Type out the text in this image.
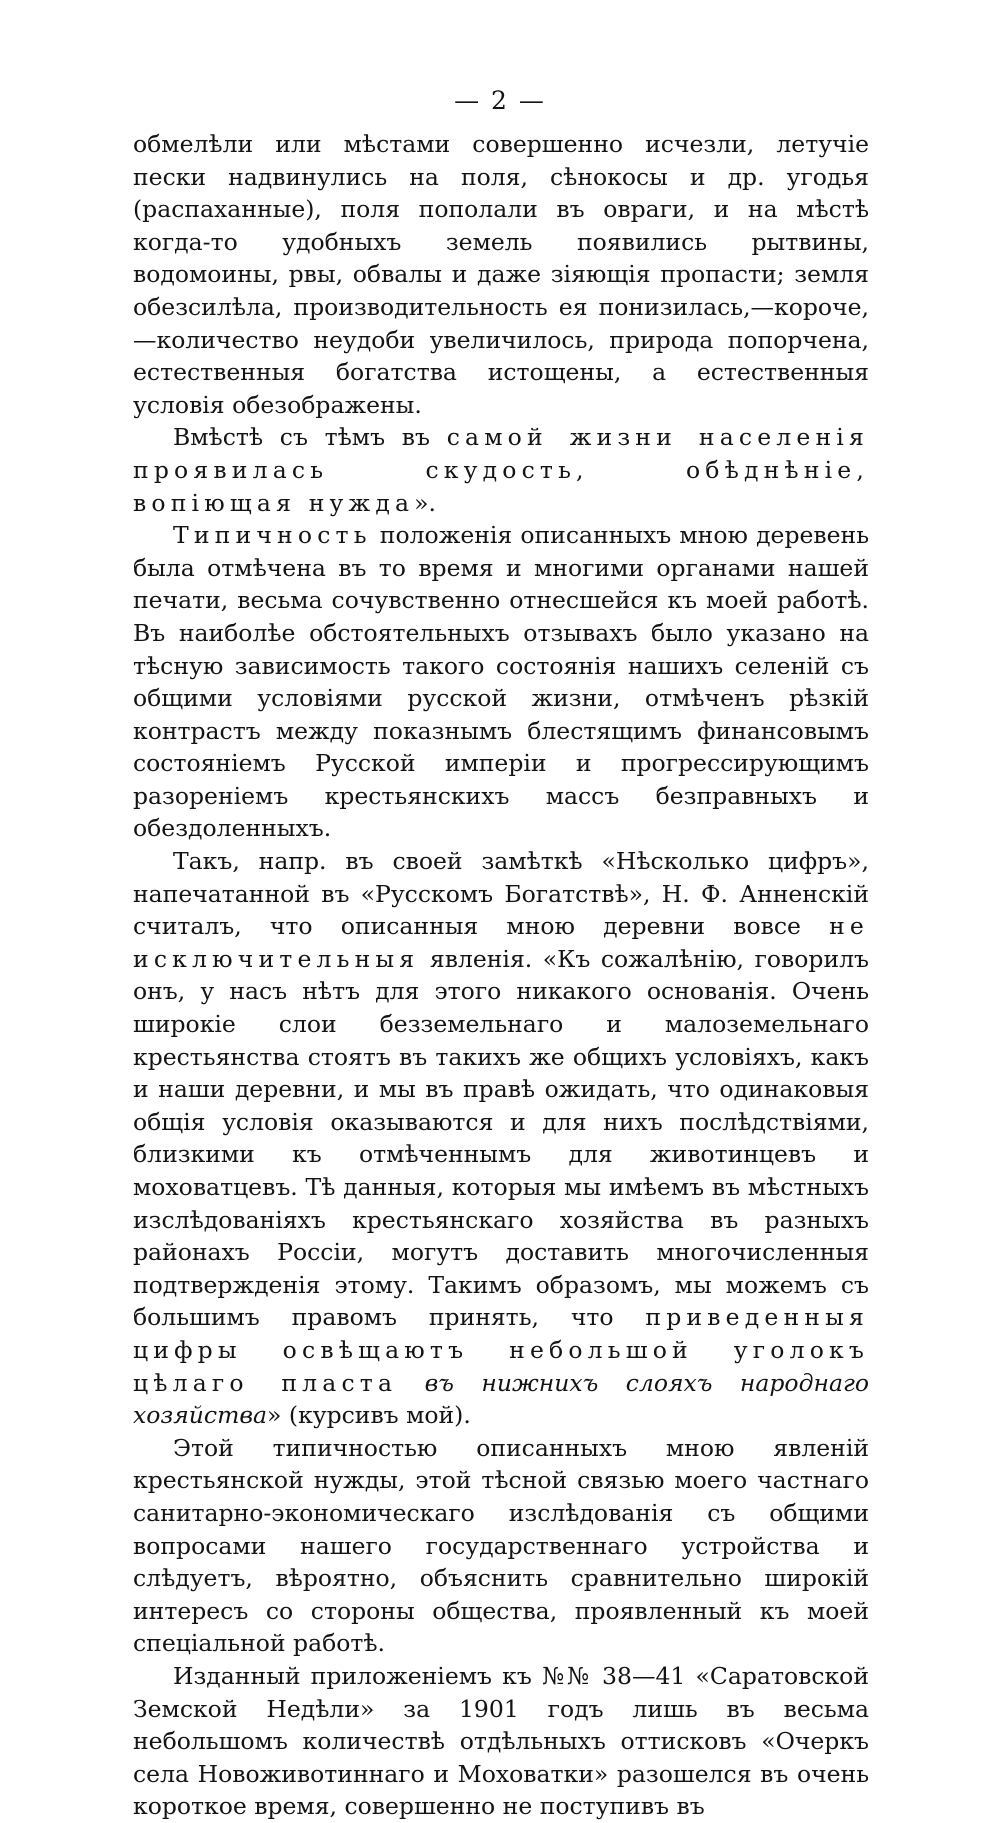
— 2 —

обмелѣли или мѣстами совершенно исчезли, летучіе пески надвинулись на поля, сѣнокосы и др. угодья (распаханные), поля пополали въ овраги, и на мѣстѣ когда-то удобныхъ земель появились рытвины, водомоины, рвы, обвалы и даже зіяющія пропасти; земля обезсилѣла, производительность ея понизилась,—короче,—количество неудоби увеличилось, природа попорчена, естественныя богатства истощены, а естественныя условія обезображены.

Вмѣстѣ съ тѣмъ въ самой жизни населенія проявилась скудость, обѣднѣніе, вопіющая нужда».

Типичность положенія описанныхъ мною деревень была отмѣчена въ то время и многими органами нашей печати, весьма сочувственно отнесшейся къ моей работѣ. Въ наиболѣе обстоятельныхъ отзывахъ было указано на тѣсную зависимость такого состоянія нашихъ селеній съ общими условіями русской жизни, отмѣченъ рѣзкій контрастъ между показнымъ блестящимъ финансовымъ состояніемъ Русской имперіи и прогрессирующимъ разореніемъ крестьянскихъ массъ безправныхъ и обездоленныхъ.

Такъ, напр. въ своей замѣткѣ «Нѣсколько цифръ», напечатанной въ «Русскомъ Богатствѣ», Н. Ф. Анненскій считалъ, что описанныя мною деревни вовсе не исключительныя явленія. «Къ сожалѣнію, говорилъ онъ, у насъ нѣтъ для этого никакого основанія. Очень широкіе слои безземельнаго и малоземельнаго крестьянства стоятъ въ такихъ же общихъ условіяхъ, какъ и наши деревни, и мы въ правѣ ожидать, что одинаковыя общія условія оказываются и для нихъ послѣдствіями, близкими къ отмѣченнымъ для животинцевъ и моховатцевъ. Тѣ данныя, которыя мы имѣемъ въ мѣстныхъ изслѣдованіяхъ крестьянскаго хозяйства въ разныхъ районахъ Россіи, могутъ доставить многочисленныя подтвержденія этому. Такимъ образомъ, мы можемъ съ большимъ правомъ принять, что приведенныя цифры освѣщаютъ небольшой уголокъ цѣлаго пласта въ нижнихъ слояхъ народнаго хозяйства» (курсивъ мой).

Этой типичностью описанныхъ мною явленій крестьянской нужды, этой тѣсной связью моего частнаго санитарно-экономическаго изслѣдованія съ общими вопросами нашего государственнаго устройства и слѣдуетъ, вѣроятно, объяснить сравнительно широкій интересъ со стороны общества, проявленный къ моей спеціальной работѣ.

Изданный приложеніемъ къ №№ 38—41 «Саратовской Земской Недѣли» за 1901 годъ лишь въ весьма небольшомъ количествѣ отдѣльныхъ оттисковъ «Очеркъ села Новоживотиннаго и Моховатки» разошелся въ очень короткое время, совершенно не поступивъ въ
